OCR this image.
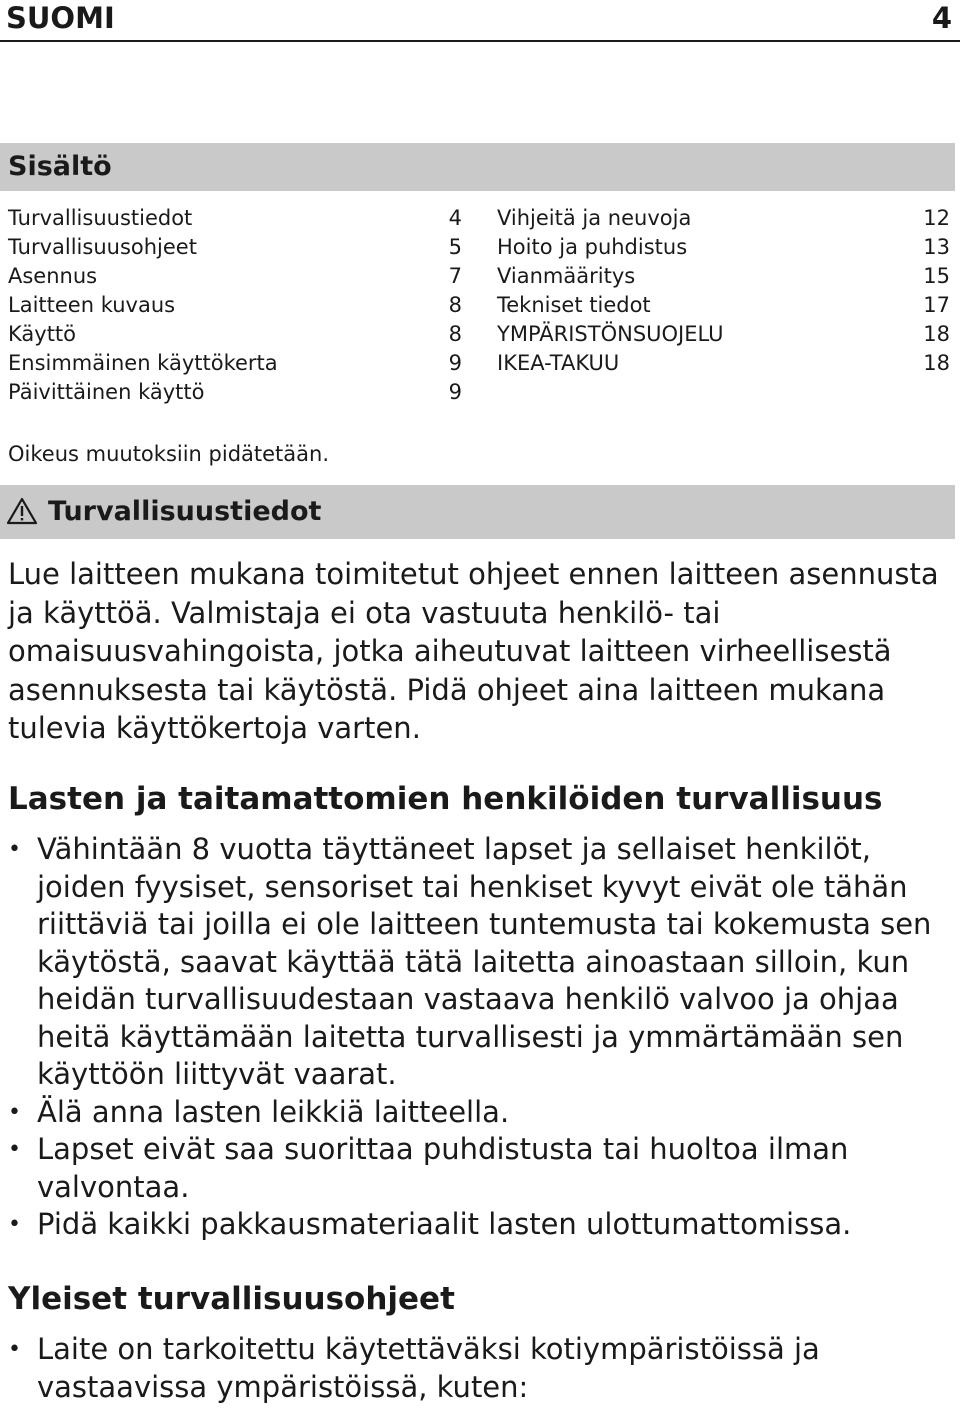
SUOMI	4
Sisältö
Turvallisuustiedot	4
Turvallisuusohjeet	5
Asennus	7
Laitteen kuvaus	8
Käyttö	8
Ensimmäinen käyttökerta	9
Päivittäinen käyttö	9
Vihjeitä ja neuvoja	12
Hoito ja puhdistus	13
Vianmääritys	15
Tekniset tiedot	17
YMPÄRISTÖNSUOJELU	18
IKEA-TAKUU	18
Oikeus muutoksiin pidätetään.
Turvallisuustiedot

Lue laitteen mukana toimitetut ohjeet ennen laitteen asennusta ja käyttöä. Valmistaja ei ota vastuuta henkilö- tai omaisuusvahingoista, jotka aiheutuvat laitteen virheellisestä asennuksesta tai käytöstä. Pidä ohjeet aina laitteen mukana tulevia käyttökertoja varten.

Lasten ja taitamattomien henkilöiden turvallisuus
• Vähintään 8 vuotta täyttäneet lapset ja sellaiset henkilöt, joiden fyysiset, sensoriset tai henkiset kyvyt eivät ole tähän riittäviä tai joilla ei ole laitteen tuntemusta tai kokemusta sen käytöstä, saavat käyttää tätä laitetta ainoastaan silloin, kun heidän turvallisuudestaan vastaava henkilö valvoo ja ohjaa heitä käyttämään laitetta turvallisesti ja ymmärtämään sen käyttöön liittyvät vaarat.
• Älä anna lasten leikkiä laitteella.
• Lapset eivät saa suorittaa puhdistusta tai huoltoa ilman valvontaa.
• Pidä kaikki pakkausmateriaalit lasten ulottumattomissa.
Yleiset turvallisuusohjeet
• Laite on tarkoitettu käytettäväksi kotiympäristöissä ja vastaavissa ympäristöissä, kuten:
